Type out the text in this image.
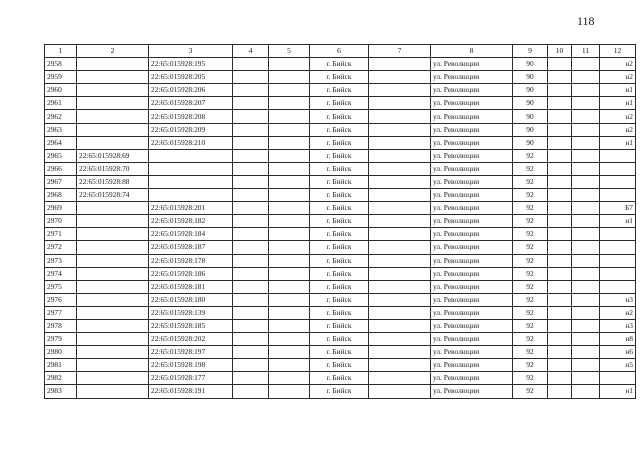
118
1	2	3	4	5	6	7	8	9	10	11	12
2958		22:65:015928:195			г. Бийск		ул. Революции	90			н2
2959		22:65:015928:205			г. Бийск		ул. Революции	90			н2
2960		22:65:015928:206			г. Бийск		ул. Революции	90			н1
2961		22:65:015928:207			г. Бийск		ул. Революции	90			н1
2962		22:65:015928:208			г. Бийск		ул. Революции	90			н2
2963		22:65:015928:209			г. Бийск		ул. Революции	90			н2
2964		22:65:015928:210			г. Бийск		ул. Революции	90			н1
2965	22:65:015928:69				г. Бийск		ул. Революции	92			
2966	22:65:015928:70				г. Бийск		ул. Революции	92			
2967	22:65:015928:88				г. Бийск		ул. Революции	92			
2968	22:65:015928:74				г. Бийск		ул. Революции	92			
2969		22:65:015928:201			г. Бийск		ул. Революции	92			Б7
2970		22:65:015928:182			г. Бийск		ул. Революции	92			н1
2971		22:65:015928:184			г. Бийск		ул. Революции	92			
2972		22:65:015928:187			г. Бийск		ул. Революции	92			
2973		22:65:015928:178			г. Бийск		ул. Революции	92			
2974		22:65:015928:186			г. Бийск		ул. Революции	92			
2975		22:65:015928:181			г. Бийск		ул. Революции	92			
2976		22:65:015928:180			г. Бийск		ул. Революции	92			н3
2977		22:65:015928:139			г. Бийск		ул. Революции	92			н2
2978		22:65:015928:185			г. Бийск		ул. Революции	92			н3
2979		22:65:015928:202			г. Бийск		ул. Революции	92			н8
2980		22:65:015928:197			г. Бийск		ул. Революции	92			н6
2981		22:65:015928:198			г. Бийск		ул. Революции	92			н5
2982		22:65:015928:177			г. Бийск		ул. Революции	92			
2983		22:65:015928:191			г. Бийск		ул. Революции	92			н1
